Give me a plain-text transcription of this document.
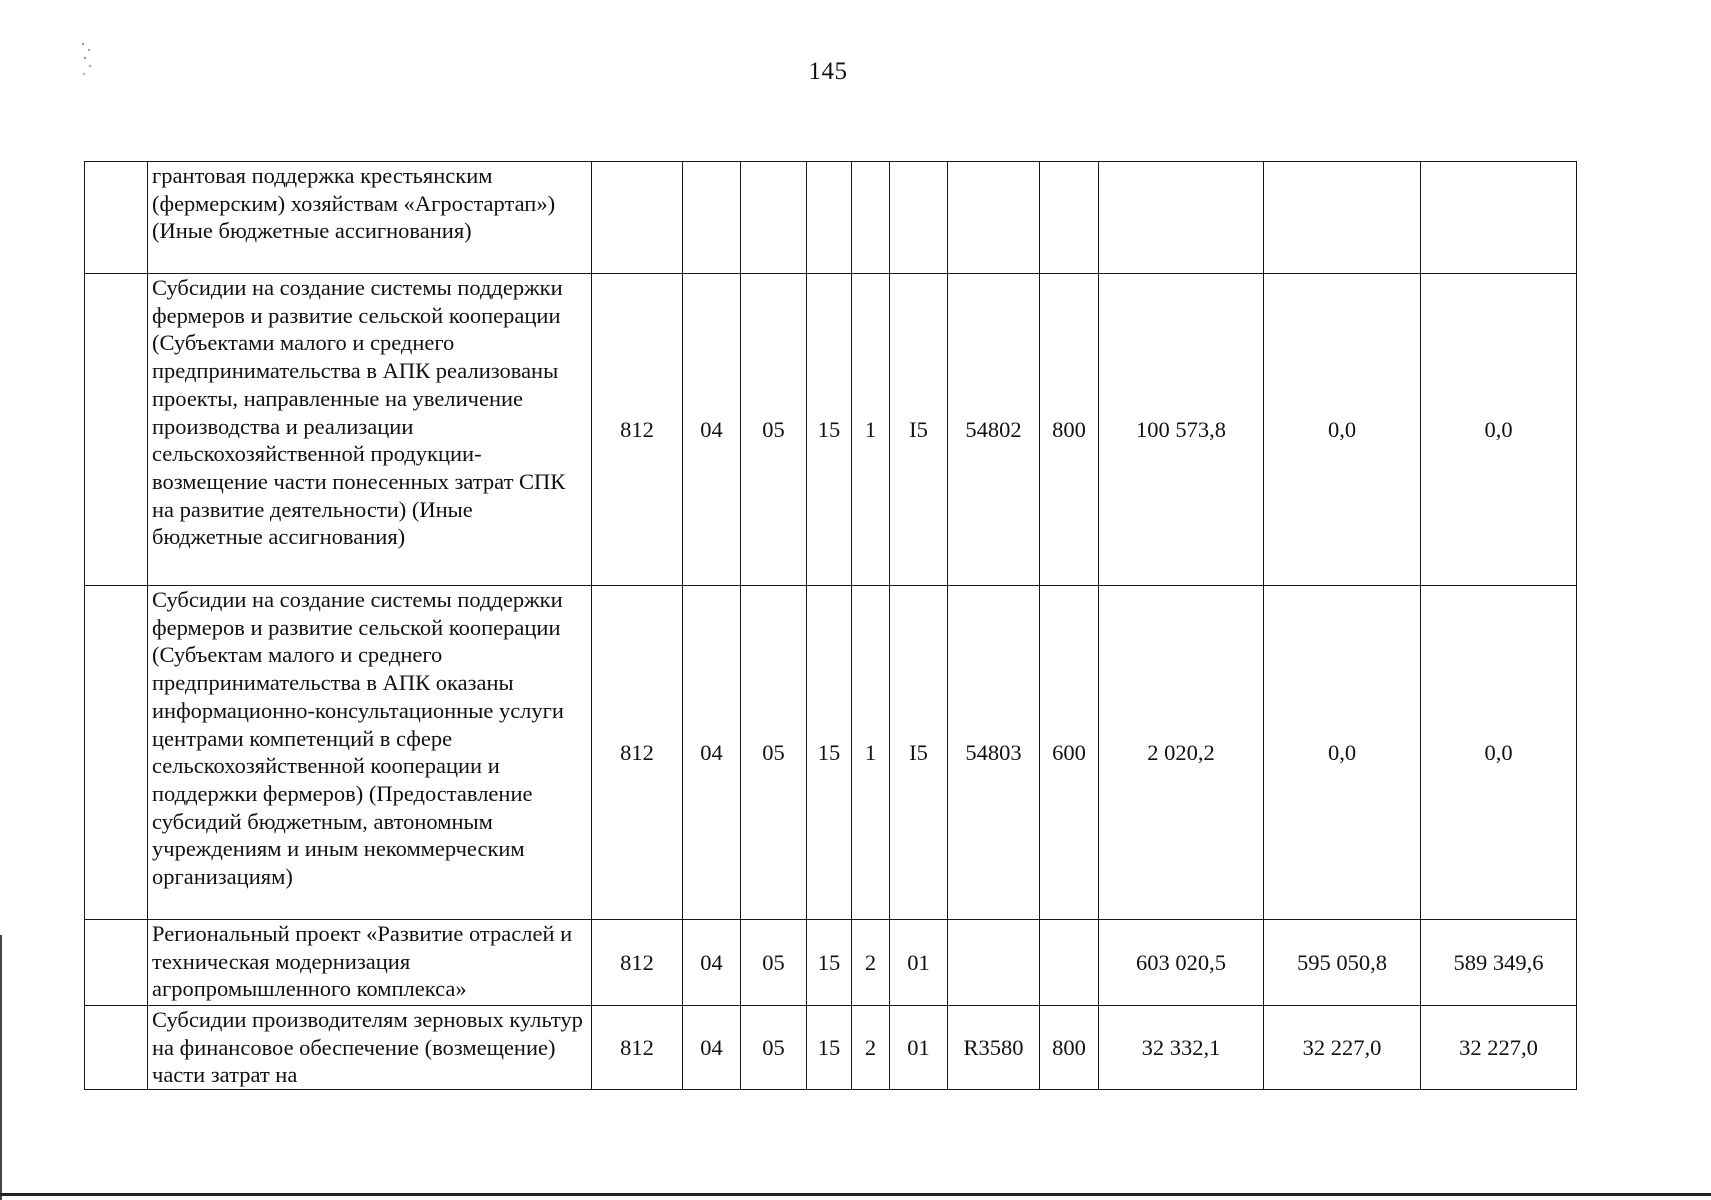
145
	грантовая поддержка крестьянским (фермерским) хозяйствам «Агростартап») (Иные бюджетные ассигнования)											
	Субсидии на создание системы поддержки фермеров и развитие сельской кооперации (Субъектами малого и среднего предпринимательства в АПК реализованы проекты, направленные на увеличение производства и реализации сельскохозяйственной продукции-возмещение части понесенных затрат СПК на развитие деятельности) (Иные бюджетные ассигнования)	812	04	05	15	1	I5	54802	800	100 573,8	0,0	0,0
	Субсидии на создание системы поддержки фермеров и развитие сельской кооперации (Субъектам малого и среднего предпринимательства в АПК оказаны информационно-консультационные услуги центрами компетенций в сфере сельскохозяйственной кооперации и поддержки фермеров) (Предоставление субсидий бюджетным, автономным учреждениям и иным некоммерческим организациям)	812	04	05	15	1	I5	54803	600	2 020,2	0,0	0,0
	Региональный проект «Развитие отраслей и техническая модернизация агропромышленного комплекса»	812	04	05	15	2	01			603 020,5	595 050,8	589 349,6
	Субсидии производителям зерновых культур на финансовое обеспечение (возмещение) части затрат на	812	04	05	15	2	01	R3580	800	32 332,1	32 227,0	32 227,0
